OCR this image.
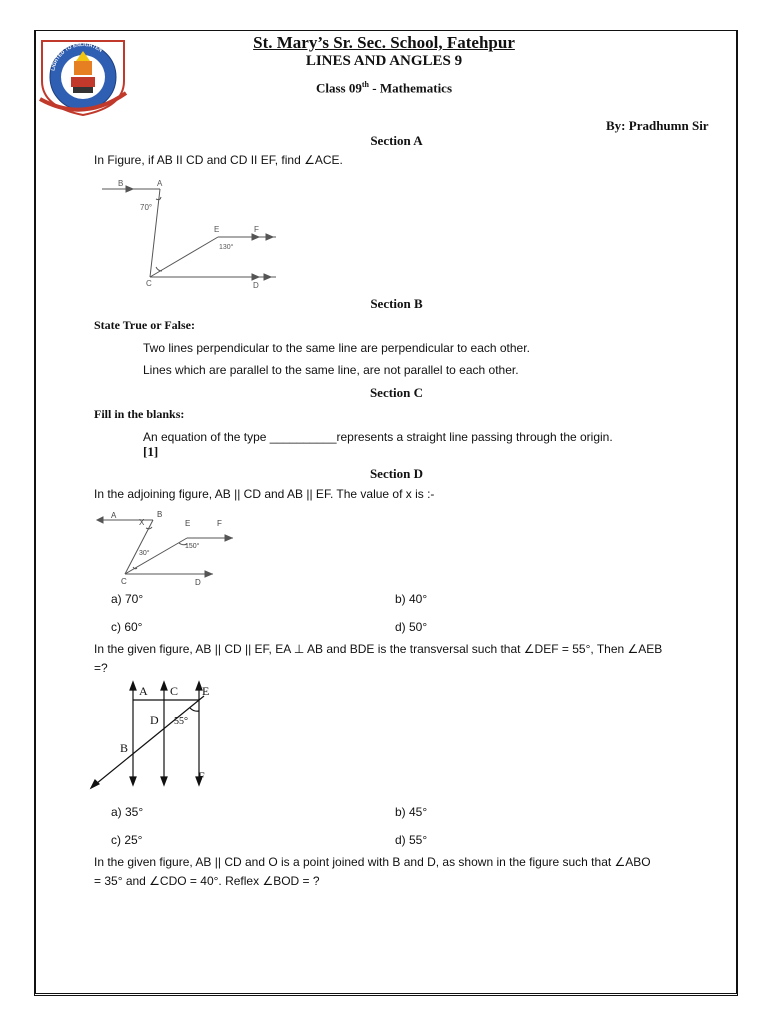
LIGHTED TO ENLIGHTEN	St. Mary’s Sr. Sec. School, Fatehpur
LINES AND ANGLES 9
Class 09th - Mathematics
By: Pradhumn Sir
Section A
In Figure, if AB II CD and CD II EF, find ∠ACE.
B	A
70°
E	F
130°
C	D
Section B
State True or False:
Two lines perpendicular to the same line are perpendicular to each other.
Lines which are parallel to the same line, are not parallel to each other.
Section C
Fill in the blanks:
An equation of the type __________represents a straight line passing through the origin.
[1]
Section D
In the adjoining figure, AB || CD and AB || EF. The value of x is :-
A	B
X	E	F
30°
150°
C	D
a) 70°	b) 40°
c) 60°	d) 50°
In the given figure, AB || CD || EF, EA ⊥ AB and BDE is the transversal such that ∠DEF = 55°, Then ∠AEB
=?
A C E
D 55°
B
F
a) 35°	b) 45°
c) 25°	d) 55°
In the given figure, AB || CD and O is a point joined with B and D, as shown in the figure such that ∠ABO
= 35° and ∠CDO = 40°. Reflex ∠BOD = ?
